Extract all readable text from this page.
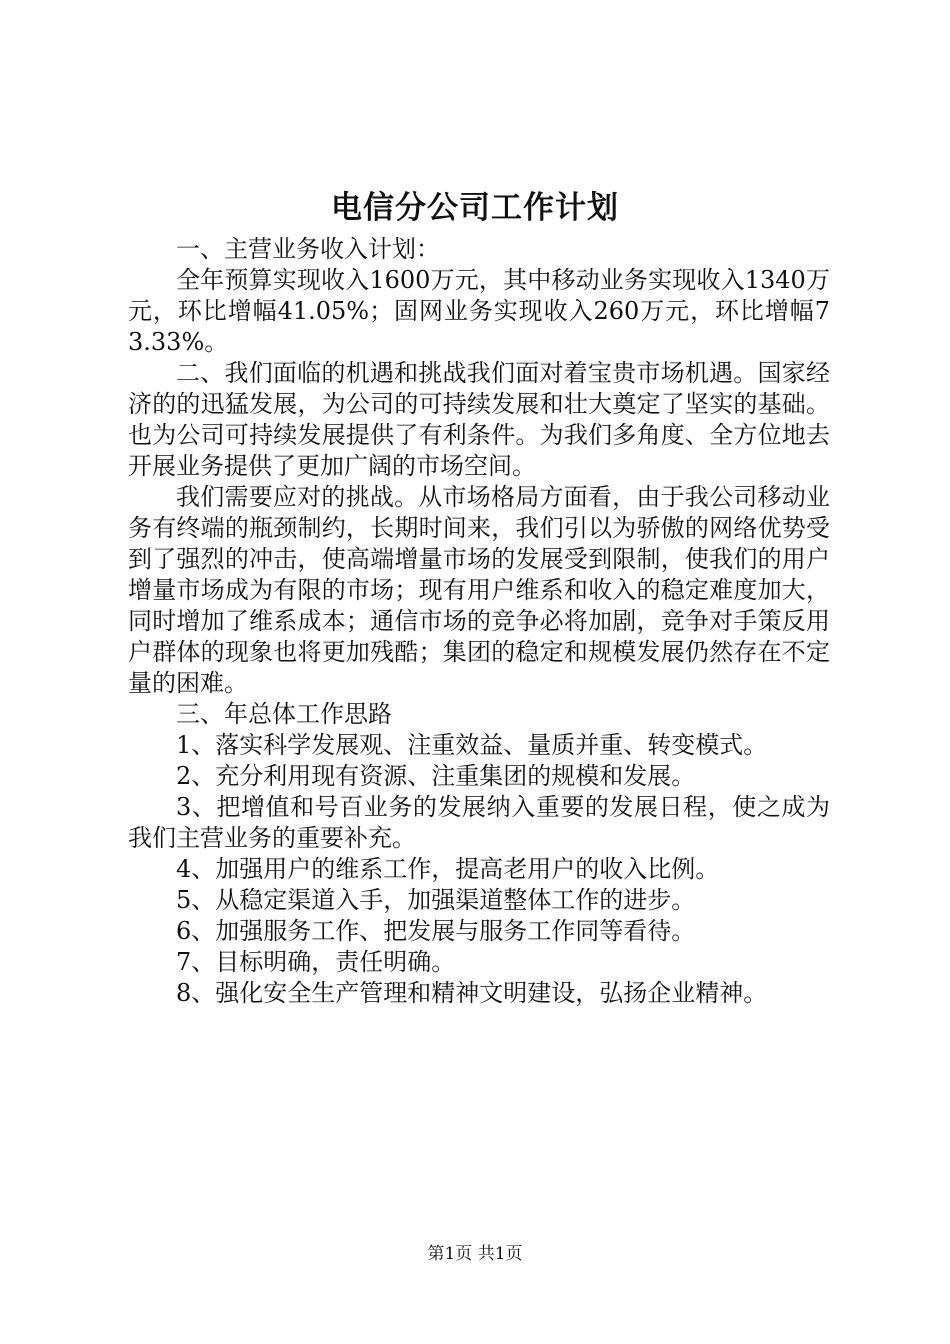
电信分公司工作计划

一、主营业务收入计划：

全年预算实现收入1600万元，其中移动业务实现收入1340万元，环比增幅41.05%；固网业务实现收入260万元，环比增幅73.33%。

二、我们面临的机遇和挑战我们面对着宝贵市场机遇。国家经济的的迅猛发展，为公司的可持续发展和壮大奠定了坚实的基础。也为公司可持续发展提供了有利条件。为我们多角度、全方位地去开展业务提供了更加广阔的市场空间。

我们需要应对的挑战。从市场格局方面看，由于我公司移动业务有终端的瓶颈制约，长期时间来，我们引以为骄傲的网络优势受到了强烈的冲击，使高端增量市场的发展受到限制，使我们的用户增量市场成为有限的市场；现有用户维系和收入的稳定难度加大，同时增加了维系成本；通信市场的竞争必将加剧，竞争对手策反用户群体的现象也将更加残酷；集团的稳定和规模发展仍然存在不定量的困难。

三、年总体工作思路

1、落实科学发展观、注重效益、量质并重、转变模式。

2、充分利用现有资源、注重集团的规模和发展。

3、把增值和号百业务的发展纳入重要的发展日程，使之成为我们主营业务的重要补充。

4、加强用户的维系工作，提高老用户的收入比例。

5、从稳定渠道入手，加强渠道整体工作的进步。

6、加强服务工作、把发展与服务工作同等看待。

7、目标明确，责任明确。

8、强化安全生产管理和精神文明建设，弘扬企业精神。

第1页 共1页
